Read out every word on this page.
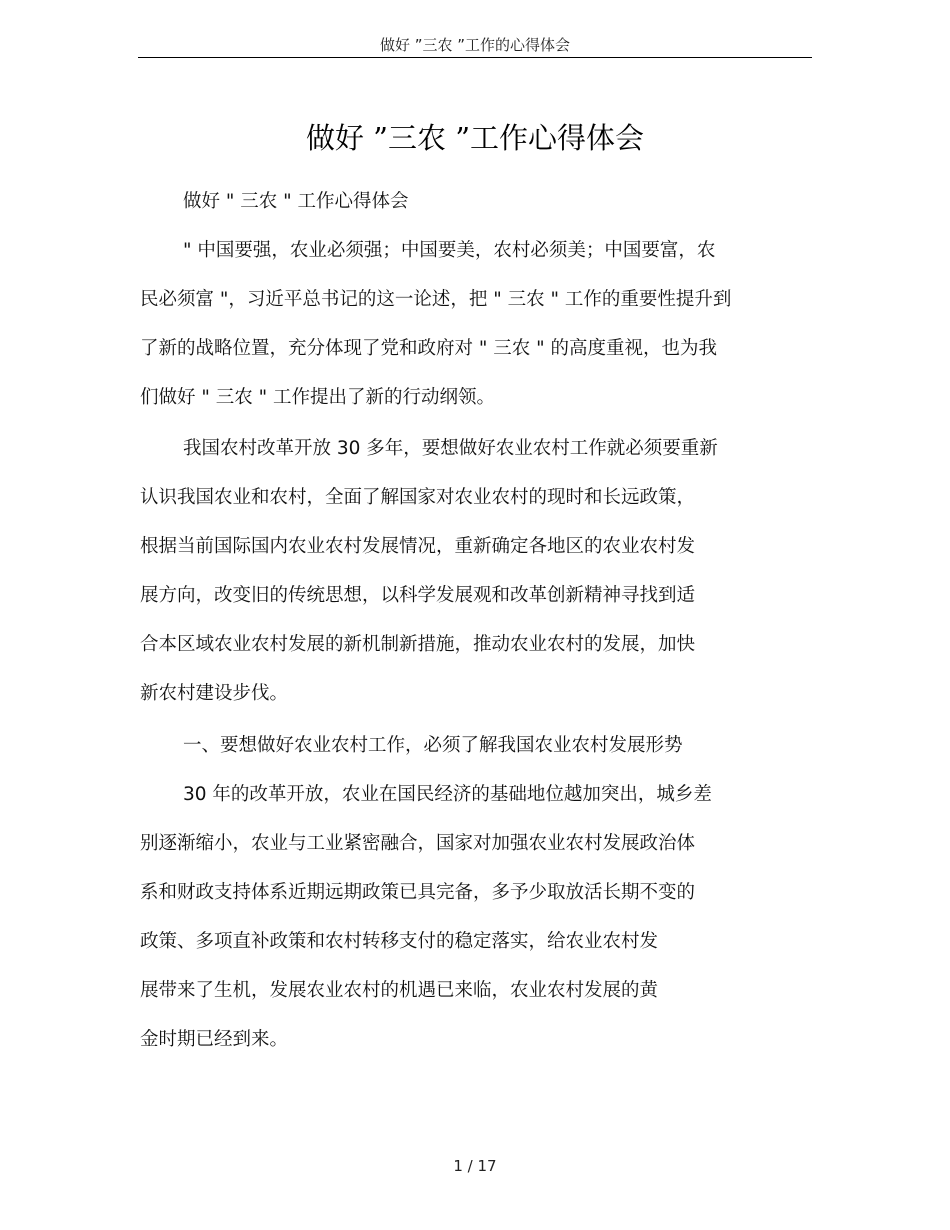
做好 ”三农 ”工作的心得体会
做好 ”三农 ”工作心得体会
做好 " 三农 " 工作心得体会
" 中国要强，农业必须强；中国要美，农村必须美；中国要富，农
民必须富 "，习近平总书记的这一论述，把 " 三农 " 工作的重要性提升到
了新的战略位置，充分体现了党和政府对 " 三农 " 的高度重视，也为我
们做好 " 三农 " 工作提出了新的行动纲领。
我国农村改革开放 30 多年，要想做好农业农村工作就必须要重新
认识我国农业和农村，全面了解国家对农业农村的现时和长远政策，
根据当前国际国内农业农村发展情况，重新确定各地区的农业农村发
展方向，改变旧的传统思想，以科学发展观和改革创新精神寻找到适
合本区域农业农村发展的新机制新措施，推动农业农村的发展，加快
新农村建设步伐。
一、要想做好农业农村工作，必须了解我国农业农村发展形势
30 年的改革开放，农业在国民经济的基础地位越加突出，城乡差
别逐渐缩小，农业与工业紧密融合，国家对加强农业农村发展政治体
系和财政支持体系近期远期政策已具完备，多予少取放活长期不变的
政策、多项直补政策和农村转移支付的稳定落实，给农业农村发
展带来了生机，发展农业农村的机遇已来临，农业农村发展的黄
金时期已经到来。
1 / 17
